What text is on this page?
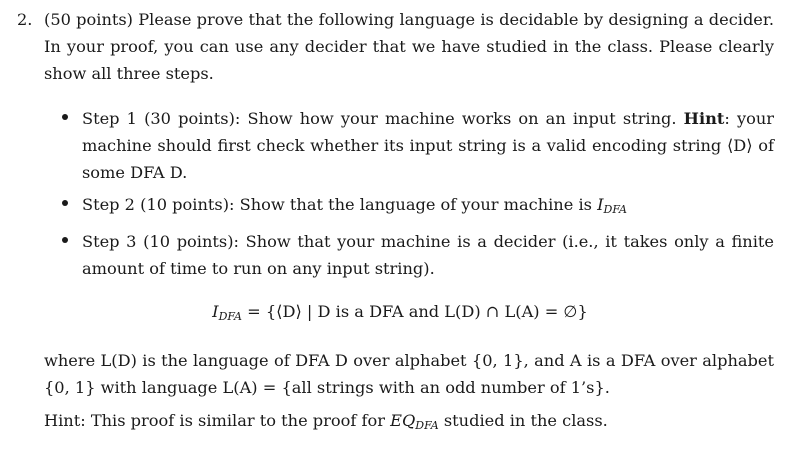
2. (50 points) Please prove that the following language is decidable by designing a decider. In your proof, you can use any decider that we have studied in the class. Please clearly show all three steps.
Step 1 (30 points): Show how your machine works on an input string. Hint: your machine should first check whether its input string is a valid encoding string ⟨D⟩ of some DFA D.
Step 2 (10 points): Show that the language of your machine is $I_{DFA}$
Step 3 (10 points): Show that your machine is a decider (i.e., it takes only a finite amount of time to run on any input string).
$I_{DFA}$ = {⟨D⟩ | D is a DFA and L(D) ∩ L(A) = ∅}
where L(D) is the language of DFA D over alphabet {0, 1}, and A is a DFA over alphabet {0, 1} with language L(A) = {all strings with an odd number of 1’s}.
Hint: This proof is similar to the proof for $EQ_{DFA}$ studied in the class.
